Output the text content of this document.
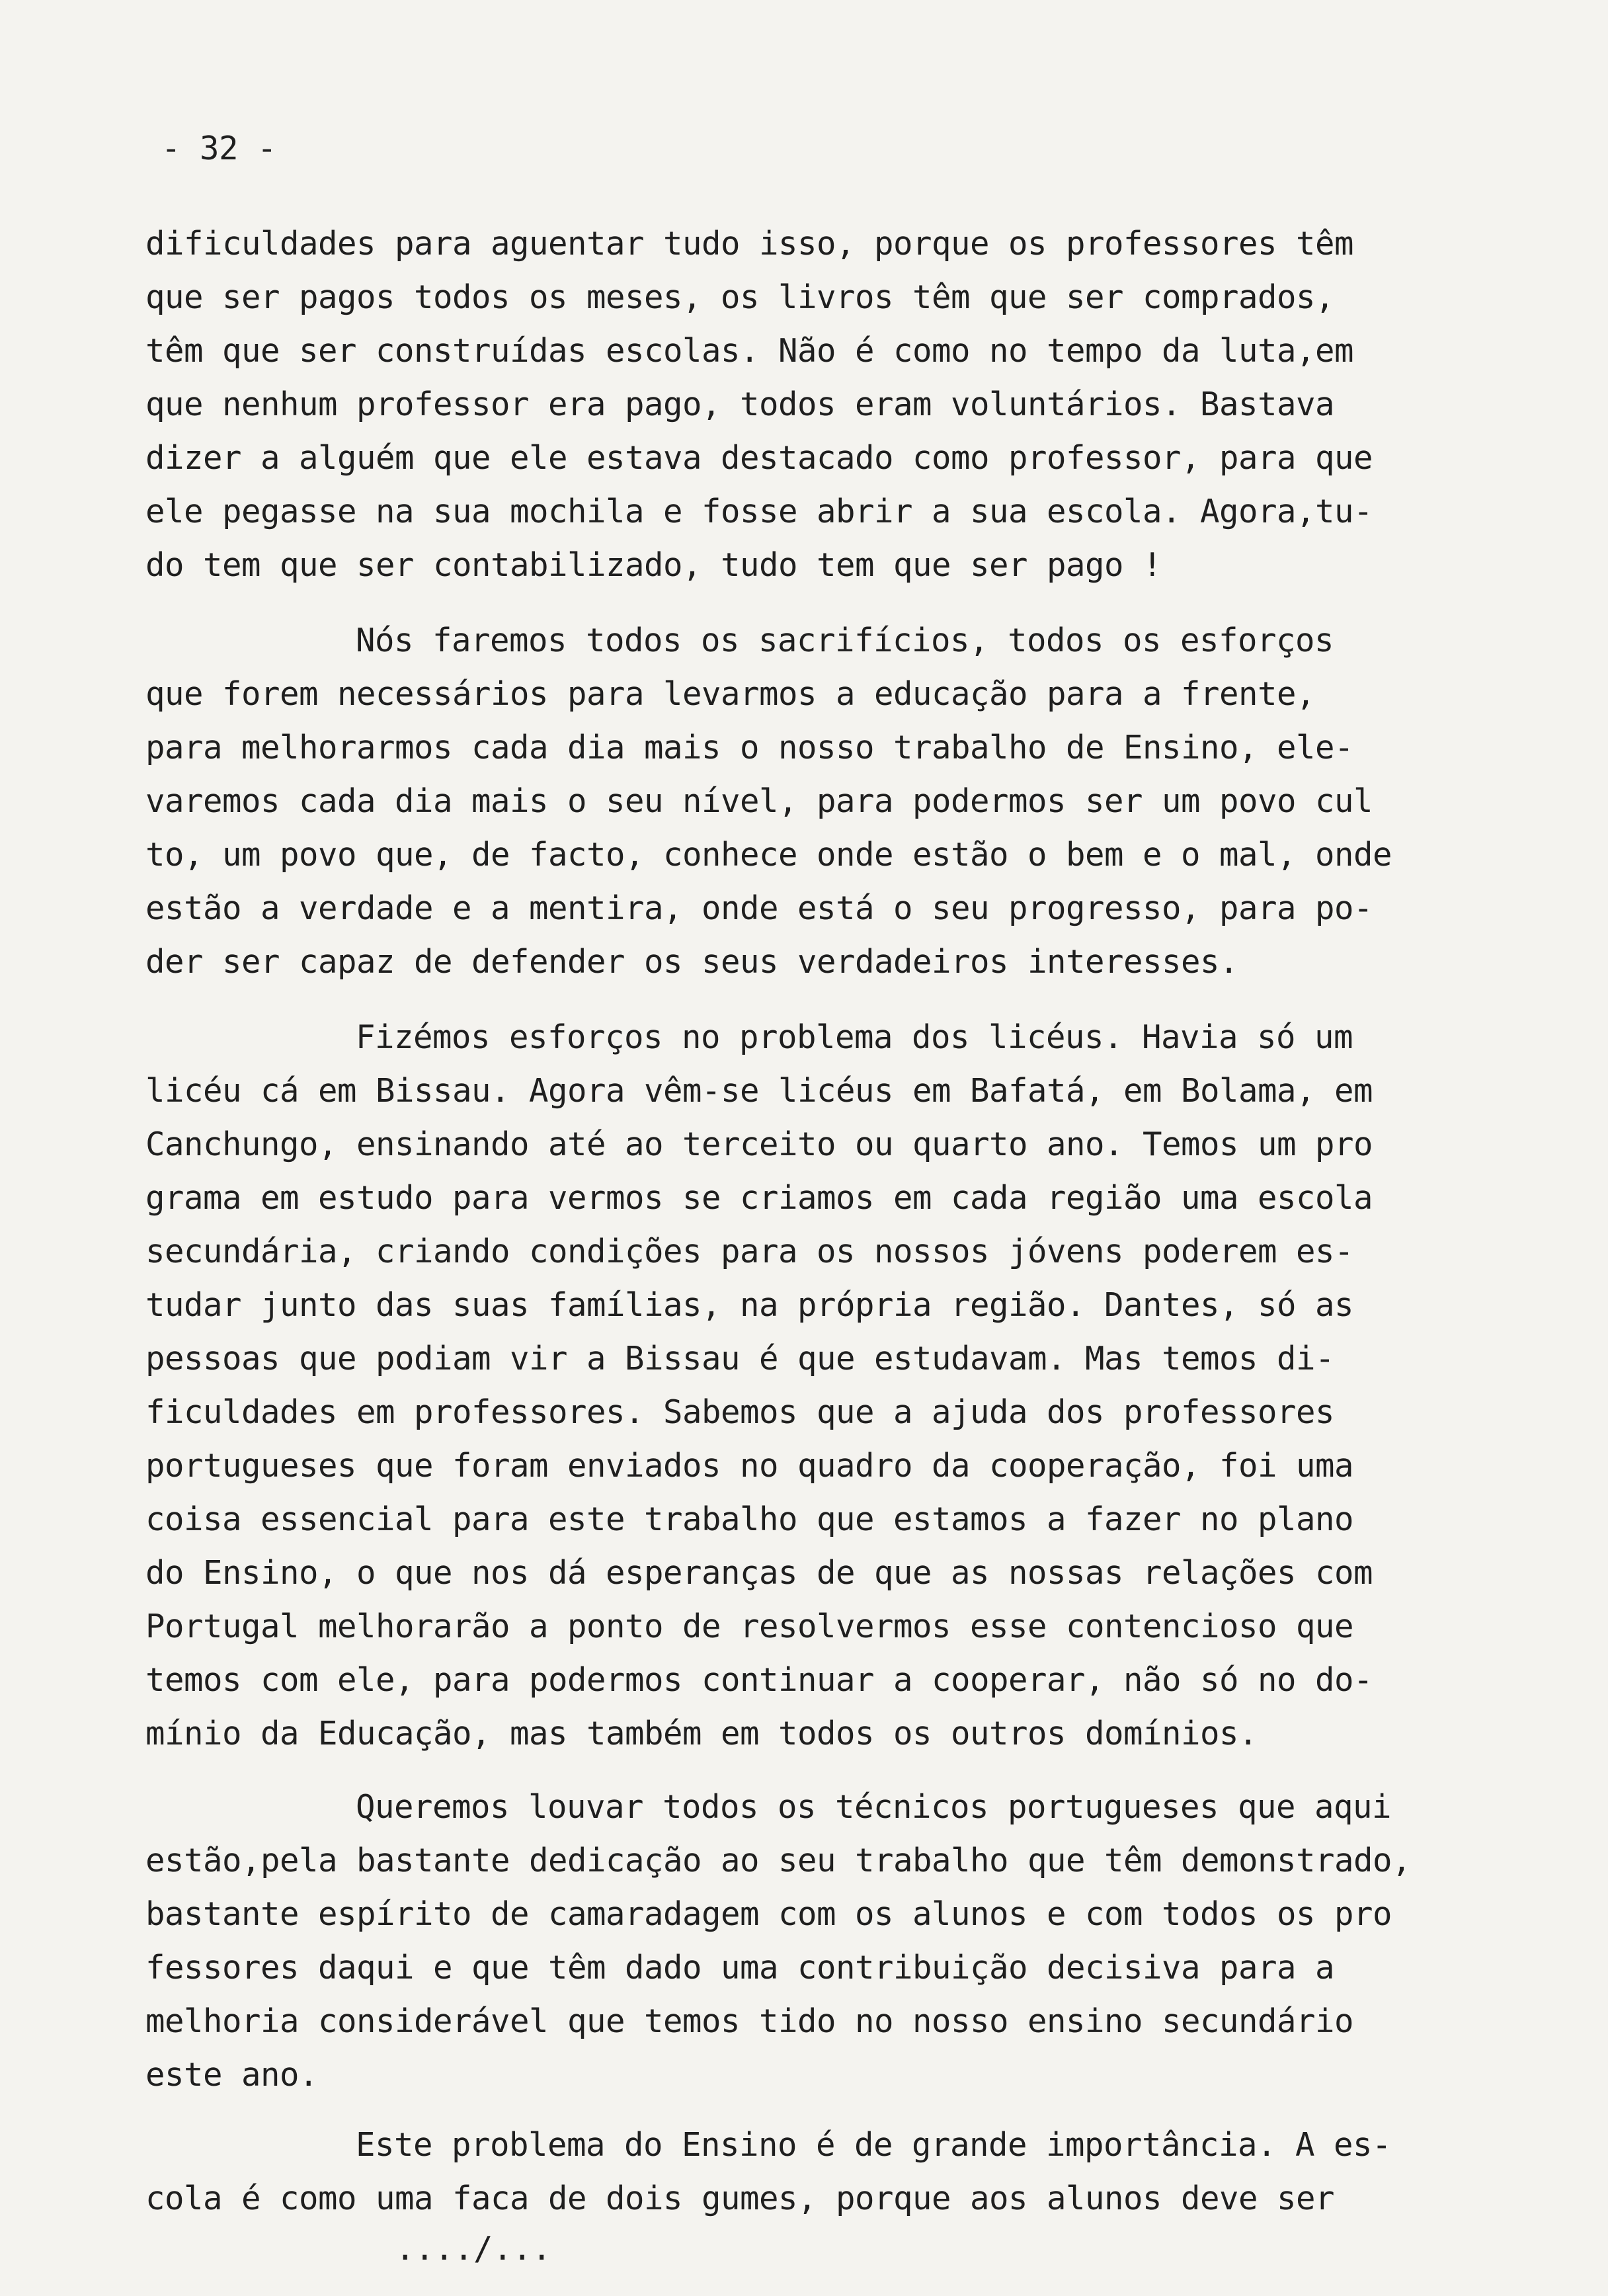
- 32 -
dificuldades para aguentar tudo isso, porque os professores têm
que ser pagos todos os meses, os livros têm que ser comprados,
têm que ser construídas escolas. Não é como no tempo da luta,em
que nenhum professor era pago, todos eram voluntários. Bastava
dizer a alguém que ele estava destacado como professor, para que
ele pegasse na sua mochila e fosse abrir a sua escola. Agora,tu-
do tem que ser contabilizado, tudo tem que ser pago !
Nós faremos todos os sacrifícios, todos os esforços
que forem necessários para levarmos a educação para a frente,
para melhorarmos cada dia mais o nosso trabalho de Ensino, ele-
varemos cada dia mais o seu nível, para podermos ser um povo cul
to, um povo que, de facto, conhece onde estão o bem e o mal, onde
estão a verdade e a mentira, onde está o seu progresso, para po-
der ser capaz de defender os seus verdadeiros interesses.
Fizémos esforços no problema dos licéus. Havia só um
licéu cá em Bissau. Agora vêm-se licéus em Bafatá, em Bolama, em
Canchungo, ensinando até ao terceito ou quarto ano. Temos um pro
grama em estudo para vermos se criamos em cada região uma escola
secundária, criando condições para os nossos jóvens poderem es-
tudar junto das suas famílias, na própria região. Dantes, só as
pessoas que podiam vir a Bissau é que estudavam. Mas temos di-
ficuldades em professores. Sabemos que a ajuda dos professores
portugueses que foram enviados no quadro da cooperação, foi uma
coisa essencial para este trabalho que estamos a fazer no plano
do Ensino, o que nos dá esperanças de que as nossas relações com
Portugal melhorarão a ponto de resolvermos esse contencioso que
temos com ele, para podermos continuar a cooperar, não só no do-
mínio da Educação, mas também em todos os outros domínios.
Queremos louvar todos os técnicos portugueses que aqui
estão,pela bastante dedicação ao seu trabalho que têm demonstrado,
bastante espírito de camaradagem com os alunos e com todos os pro
fessores daqui e que têm dado uma contribuição decisiva para a
melhoria considerável que temos tido no nosso ensino secundário
este ano.
Este problema do Ensino é de grande importância. A es-
cola é como uma faca de dois gumes, porque aos alunos deve ser
..../...
